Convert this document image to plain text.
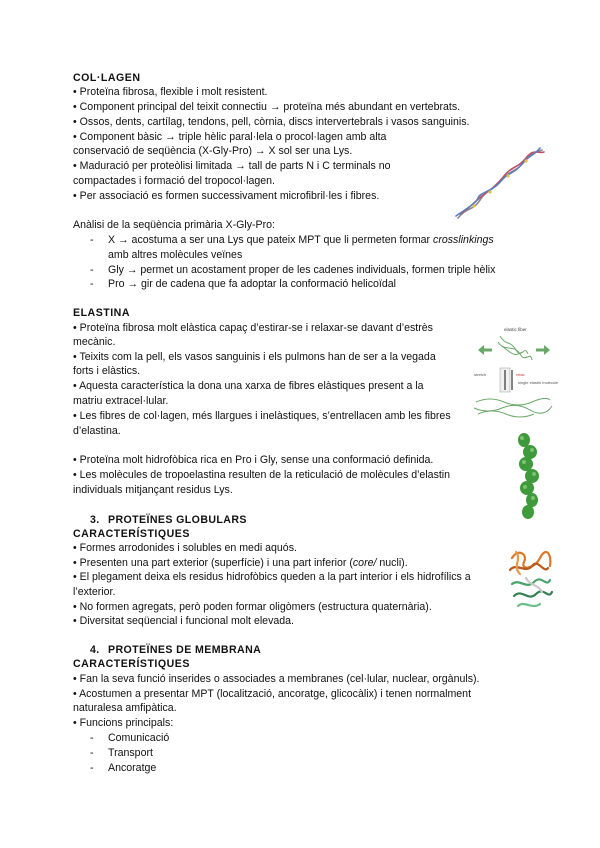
COL·LAGEN
• Proteïna fibrosa, flexible i molt resistent.
• Component principal del teixit connectiu → proteïna més abundant en vertebrats.
• Ossos, dents, cartílag, tendons, pell, còrnia, discs intervertebrals i vasos sanguinis.
• Component bàsic → triple hèlic paral·lela o procol·lagen amb alta
conservació de seqüència (X-Gly-Pro) → X sol ser una Lys.
• Maduració per proteòlisi limitada → tall de parts N i C terminals no
compactades i formació del tropocol·lagen.
• Per associació es formen successivament microfibril·les i fibres.
Anàlisi de la seqüència primària X-Gly-Pro:
- X → acostuma a ser una Lys que pateix MPT que li permeten formar crosslinkings
amb altres molècules veïnes
- Gly → permet un acostament proper de les cadenes individuals, formen triple hèlix
- Pro → gir de cadena que fa adoptar la conformació helicoïdal
ELASTINA
• Proteïna fibrosa molt elàstica capaç d’estirar-se i relaxar-se davant d’estrès
mecànic.
• Teixits com la pell, els vasos sanguinis i els pulmons han de ser a la vegada
forts i elàstics.
• Aquesta característica la dona una xarxa de fibres elàstiques present a la
matriu extracel·lular.
• Les fibres de col·lagen, més llargues i inelàstiques, s’entrellacen amb les fibres
d’elastina.
• Proteïna molt hidrofòbica rica en Pro i Gly, sense una conformació definida.
• Les molècules de tropoelastina resulten de la reticulació de molècules d’elastin
individuals mitjançant residus Lys.
elastic fiber
stretch	relax
single elastin molecule
3. PROTEÏNES GLOBULARS
CARACTERÍSTIQUES
• Formes arrodonides i solubles en medi aquós.
• Presenten una part exterior (superfície) i una part inferior (core/ nucli).
• El plegament deixa els residus hidrofòbics queden a la part interior i els hidrofílics a
l’exterior.
• No formen agregats, però poden formar oligòmers (estructura quaternària).
• Diversitat seqüencial i funcional molt elevada.
4. PROTEÏNES DE MEMBRANA
CARACTERÍSTIQUES
• Fan la seva funció inserides o associades a membranes (cel·lular, nuclear, orgànuls).
• Acostumen a presentar MPT (localització, ancoratge, glicocàlix) i tenen normalment
naturalesa amfipàtica.
• Funcions principals:
- Comunicació
- Transport
- Ancoratge
